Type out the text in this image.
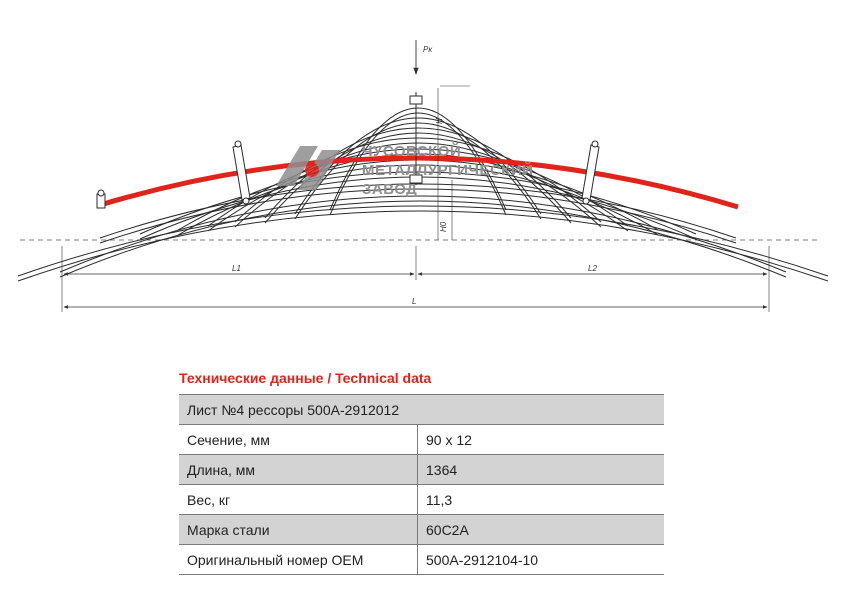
Pк
H
H0
L1	L2
L
ЧУСОВСКОЙ
МЕТАЛЛУРГИЧЕСКИЙ
ЗАВОД
Технические данные / Technical data
Лист №4 рессоры 500А-2912012	
Сечение, мм	90 х 12
Длина, мм	1364
Вес, кг	11,3
Марка стали	60С2А
Оригинальный номер OEM	500А-2912104-10
